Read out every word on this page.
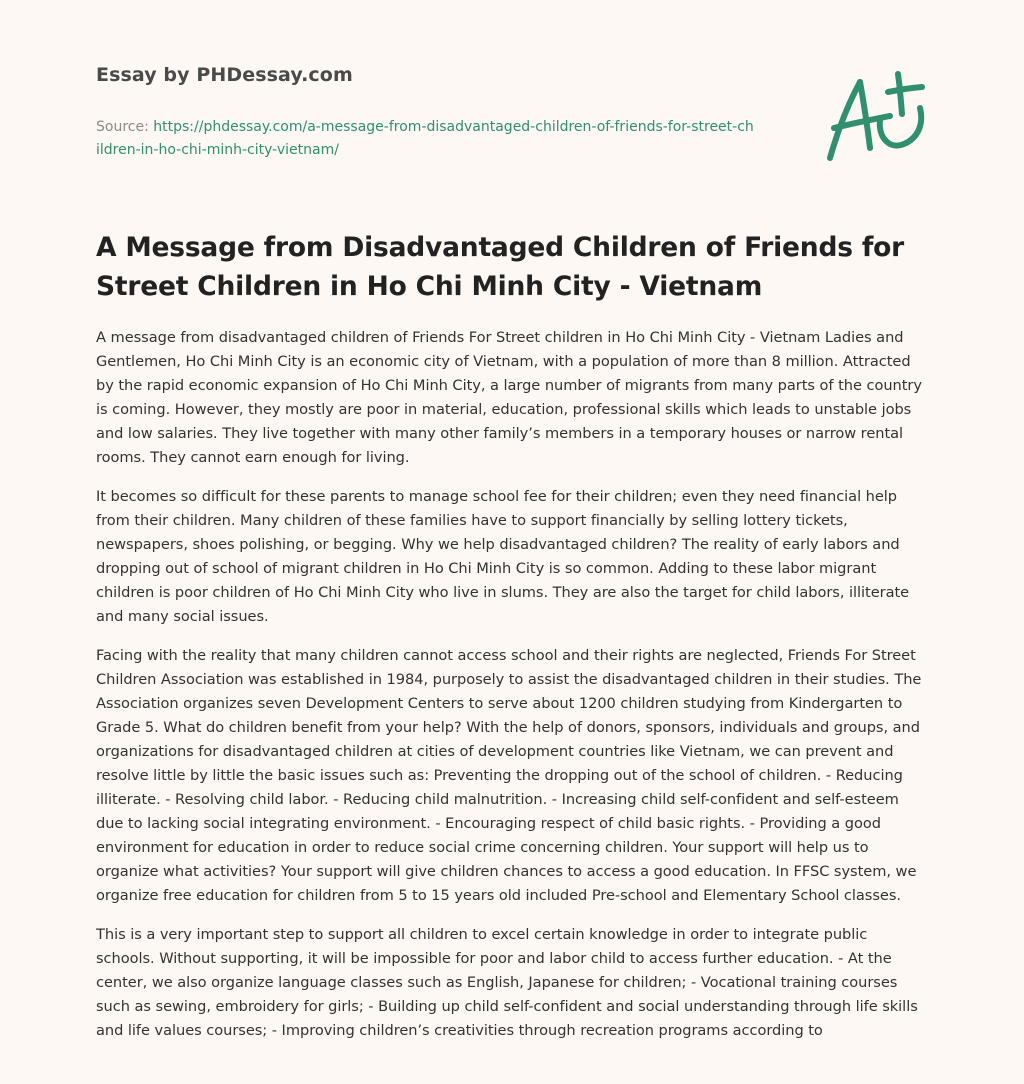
Essay by PHDessay.com
Source: https://phdessay.com/a-message-from-disadvantaged-children-of-friends-for-street-children-in-ho-chi-minh-city-vietnam/
A Message from Disadvantaged Children of Friends for Street Children in Ho Chi Minh City - Vietnam

A message from disadvantaged children of Friends For Street children in Ho Chi Minh City - Vietnam Ladies and Gentlemen, Ho Chi Minh City is an economic city of Vietnam, with a population of more than 8 million. Attracted by the rapid economic expansion of Ho Chi Minh City, a large number of migrants from many parts of the country is coming. However, they mostly are poor in material, education, professional skills which leads to unstable jobs and low salaries. They live together with many other family’s members in a temporary houses or narrow rental rooms. They cannot earn enough for living.

It becomes so difficult for these parents to manage school fee for their children; even they need financial help from their children. Many children of these families have to support financially by selling lottery tickets, newspapers, shoes polishing, or begging. Why we help disadvantaged children? The reality of early labors and dropping out of school of migrant children in Ho Chi Minh City is so common. Adding to these labor migrant children is poor children of Ho Chi Minh City who live in slums. They are also the target for child labors, illiterate and many social issues.

Facing with the reality that many children cannot access school and their rights are neglected, Friends For Street Children Association was established in 1984, purposely to assist the disadvantaged children in their studies. The Association organizes seven Development Centers to serve about 1200 children studying from Kindergarten to Grade 5. What do children benefit from your help? With the help of donors, sponsors, individuals and groups, and organizations for disadvantaged children at cities of development countries like Vietnam, we can prevent and resolve little by little the basic issues such as: Preventing the dropping out of the school of children. - Reducing illiterate. - Resolving child labor. - Reducing child malnutrition. - Increasing child self-confident and self-esteem due to lacking social integrating environment. - Encouraging respect of child basic rights. - Providing a good environment for education in order to reduce social crime concerning children. Your support will help us to organize what activities? Your support will give children chances to access a good education. In FFSC system, we organize free education for children from 5 to 15 years old included Pre-school and Elementary School classes.

This is a very important step to support all children to excel certain knowledge in order to integrate public schools. Without supporting, it will be impossible for poor and labor child to access further education. - At the center, we also organize language classes such as English, Japanese for children; - Vocational training courses such as sewing, embroidery for girls; - Building up child self-confident and social understanding through life skills and life values courses; - Improving children’s creativities through recreation programs according to
